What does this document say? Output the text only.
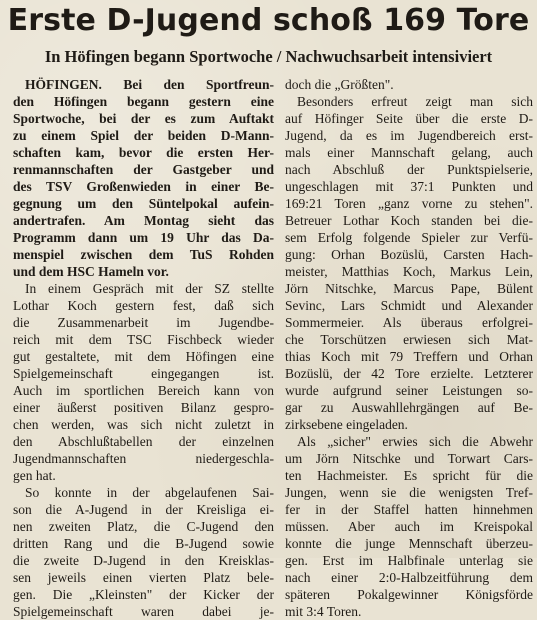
Erste D-Jugend schoß 169 Tore
In Höfingen begann Sportwoche / Nachwuchsarbeit intensiviert
HÖFINGEN. Bei den Sportfreun-
den Höfingen begann gestern eine
Sportwoche, bei der es zum Auftakt
zu einem Spiel der beiden D-Mann-
schaften kam, bevor die ersten Her-
renmannschaften der Gastgeber und
des TSV Großenwieden in einer Be-
gegnung um den Süntelpokal aufein-
andertrafen. Am Montag sieht das
Programm dann um 19 Uhr das Da-
menspiel zwischen dem TuS Rohden
und dem HSC Hameln vor.
In einem Gespräch mit der SZ stellte
Lothar Koch gestern fest, daß sich
die Zusammenarbeit im Jugendbe-
reich mit dem TSC Fischbeck wieder
gut gestaltete, mit dem Höfingen eine
Spielgemeinschaft eingegangen ist.
Auch im sportlichen Bereich kann von
einer äußerst positiven Bilanz gespro-
chen werden, was sich nicht zuletzt in
den Abschlußtabellen der einzelnen
Jugendmannschaften niedergeschla-
gen hat.
So konnte in der abgelaufenen Sai-
son die A-Jugend in der Kreisliga ei-
nen zweiten Platz, die C-Jugend den
dritten Rang und die B-Jugend sowie
die zweite D-Jugend in den Kreisklas-
sen jeweils einen vierten Platz bele-
gen. Die „Kleinsten" der Kicker der
Spielgemeinschaft waren dabei je-
doch die „Größten".
Besonders erfreut zeigt man sich
auf Höfinger Seite über die erste D-
Jugend, da es im Jugendbereich erst-
mals einer Mannschaft gelang, auch
nach Abschluß der Punktspielserie,
ungeschlagen mit 37:1 Punkten und
169:21 Toren „ganz vorne zu stehen".
Betreuer Lothar Koch standen bei die-
sem Erfolg folgende Spieler zur Verfü-
gung: Orhan Bozüslü, Carsten Hach-
meister, Matthias Koch, Markus Lein,
Jörn Nitschke, Marcus Pape, Bülent
Sevinc, Lars Schmidt und Alexander
Sommermeier. Als überaus erfolgrei-
che Torschützen erwiesen sich Mat-
thias Koch mit 79 Treffern und Orhan
Bozüslü, der 42 Tore erzielte. Letzterer
wurde aufgrund seiner Leistungen so-
gar zu Auswahllehrgängen auf Be-
zirksebene eingeladen.
Als „sicher" erwies sich die Abwehr
um Jörn Nitschke und Torwart Cars-
ten Hachmeister. Es spricht für die
Jungen, wenn sie die wenigsten Tref-
fer in der Staffel hatten hinnehmen
müssen. Aber auch im Kreispokal
konnte die junge Mennschaft überzeu-
gen. Erst im Halbfinale unterlag sie
nach einer 2:0-Halbzeitführung dem
späteren Pokalgewinner Königsförde
mit 3:4 Toren.
